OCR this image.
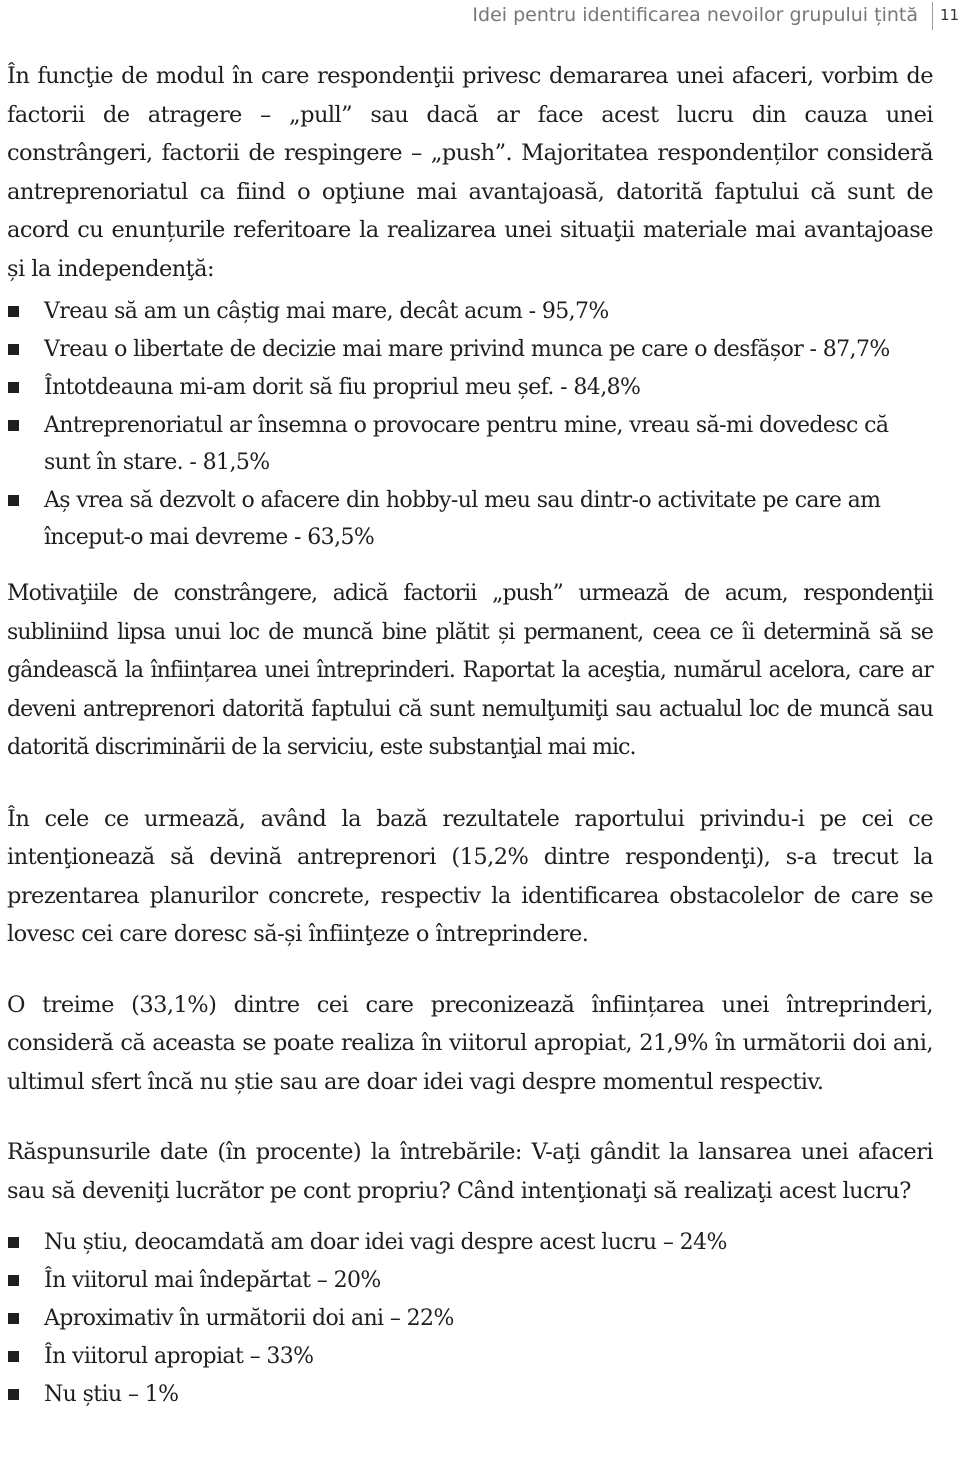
Idei pentru identificarea nevoilor grupului țintă 11

În funcţie de modul în care respondenţii privesc demararea unei afaceri, vorbim de factorii de atragere – „pull” sau dacă ar face acest lucru din cauza unei constrângeri, factorii de respingere – „push”. Majoritatea respondenților consideră antreprenoriatul ca fiind o opţiune mai avantajoasă, datorită faptului că sunt de acord cu enunțurile referitoare la realizarea unei situaţii materiale mai avantajoase și la independenţă:

Vreau să am un câștig mai mare, decât acum - 95,7%
Vreau o libertate de decizie mai mare privind munca pe care o desfășor - 87,7%
Întotdeauna mi-am dorit să fiu propriul meu șef. - 84,8%
Antreprenoriatul ar însemna o provocare pentru mine, vreau să-mi dovedesc că sunt în stare. - 81,5%
Aș vrea să dezvolt o afacere din hobby-ul meu sau dintr-o activitate pe care am început-o mai devreme - 63,5%

Motivaţiile de constrângere, adică factorii „push” urmează de acum, respondenţii subliniind lipsa unui loc de muncă bine plătit și permanent, ceea ce îi determină să se gândească la înființarea unei întreprinderi. Raportat la aceştia, numărul acelora, care ar deveni antreprenori datorită faptului că sunt nemulţumiţi sau actualul loc de muncă sau datorită discriminării de la serviciu, este substanţial mai mic.

În cele ce urmează, având la bază rezultatele raportului privindu-i pe cei ce intenţionează să devină antreprenori (15,2% dintre respondenţi), s-a trecut la prezentarea planurilor concrete, respectiv la identificarea obstacolelor de care se lovesc cei care doresc să-și înfiinţeze o întreprindere.

O treime (33,1%) dintre cei care preconizează înființarea unei întreprinderi, consideră că aceasta se poate realiza în viitorul apropiat, 21,9% în următorii doi ani, ultimul sfert încă nu știe sau are doar idei vagi despre momentul respectiv.

Răspunsurile date (în procente) la întrebările: V-aţi gândit la lansarea unei afaceri sau să deveniţi lucrător pe cont propriu? Când intenţionaţi să realizaţi acest lucru?

Nu știu, deocamdată am doar idei vagi despre acest lucru – 24%
În viitorul mai îndepărtat – 20%
Aproximativ în următorii doi ani – 22%
În viitorul apropiat – 33%
Nu știu – 1%
